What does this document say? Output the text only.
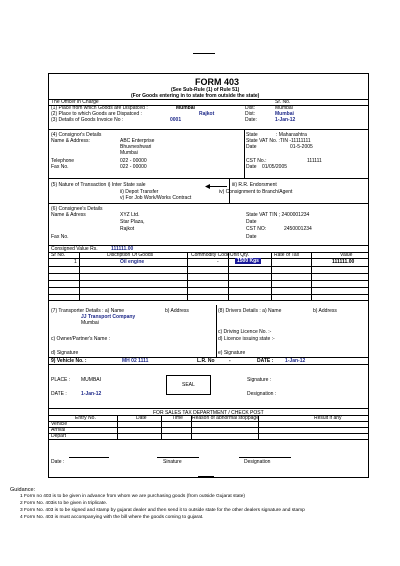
FORM 403
(See Sub-Rule (1) of Rule 51)
(For Goods entering in to state from outside the state)
The Officer in Charge	Sr. No.
(1) Place from which Goods are Dispatced :	Mumbai	Dist:	Mumbai
(2) Place to which Goods are Dispatced :	Rajkot	Dist:	Mumbai
(3) Details of Goods Invoice No :	0001	Date:	1-Jan-12
(4) Consignor's Details
Name & Address:	ABC Enterprise
Bhuvneshwari
Mumbai
Telephone	022 - 00000
Fax No.	022 - 00000
State	: Maharashtra
State VAT No. :TIN -11111111
Date	01-5-2005
CST No.:	111111
Date 01/05/2005
(5) Nature of Transaction i) Inter State sale
ii) Depot Transfer
v) For Job Work/Works Contract
iii) R.R. Endorsment
iv) Consignment to Branch/Agent
(6) Consignee's Details
Name & Adress	XYZ Ltd.
Star Plaza,
Rajkot
Fax No.
State VAT TIN ; 2400001234
Date
CST NO:	2450001234
Date
Consigned Value Rs.	111111.00
Sr No.	Discription Of Goods	Commodity Code Unit Qty.	Rate of Tax	Value
1	Oil engine	-	1500 Kgs	111111.00
(7) Transporter Details : a) Name	b) Address
JJ Transport Company
Mumbai
c) Owner/Partner's Name :
d) Signature
(8) Drivers Details : a) Name	b) Address
c) Driving Licence No. :-
d) Licence issuing state :-
e) Signature
9) Vehicle No. :	MH 02 1111	L.R. No	-	DATE : 1-Jan-12
PLACE : MUMBAI
DATE :	1-Jan-12
Signature :
Designation :
FOR SALES TAX DEPARTMENT / CHECK POST
Entry No.	Date	Time Reason of abnormal stoppage	Result if any
Vehicle
Arrival
Depart
Date :	Sinature	Designation
SEAL
Guidance:
1 Form no 403 is to be given in advance from whom we are purchasing goods (from outside Gujarat state)
2 Form No. 403is to be given in triplicate.
3 Form No. 403 is to be signed and stamp by gujarat dealer and then send it to outside state for the other dealers signature and stamp
4 Form No. 403 is must accompanying with the bill where the goods coming to gujarat.
